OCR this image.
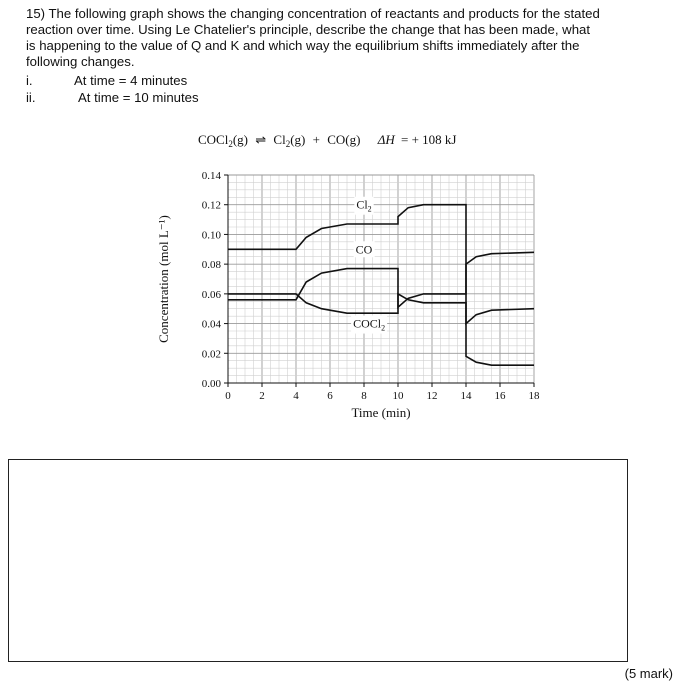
15) The following graph shows the changing concentration of reactants and products for the stated
reaction over time. Using Le Chatelier's principle, describe the change that has been made, what
is happening to the value of Q and K and which way the equilibrium shifts immediately after the
following changes.
i.	At time = 4 minutes
ii.	At time = 10 minutes
COCl$_2$(g) ⇌ $Cl_2(g) + CO(g) \Delta H$ = + 108 kJ
0	2	4	6	8 10 12 14 16 18
0.00
0.02
0.04
0.06
0.08
0.10
0.12
0.14
$Cl_2$
CO
COCl$_2$
Time (min)
Concentration (mol L⁻¹)
(5 mark)
